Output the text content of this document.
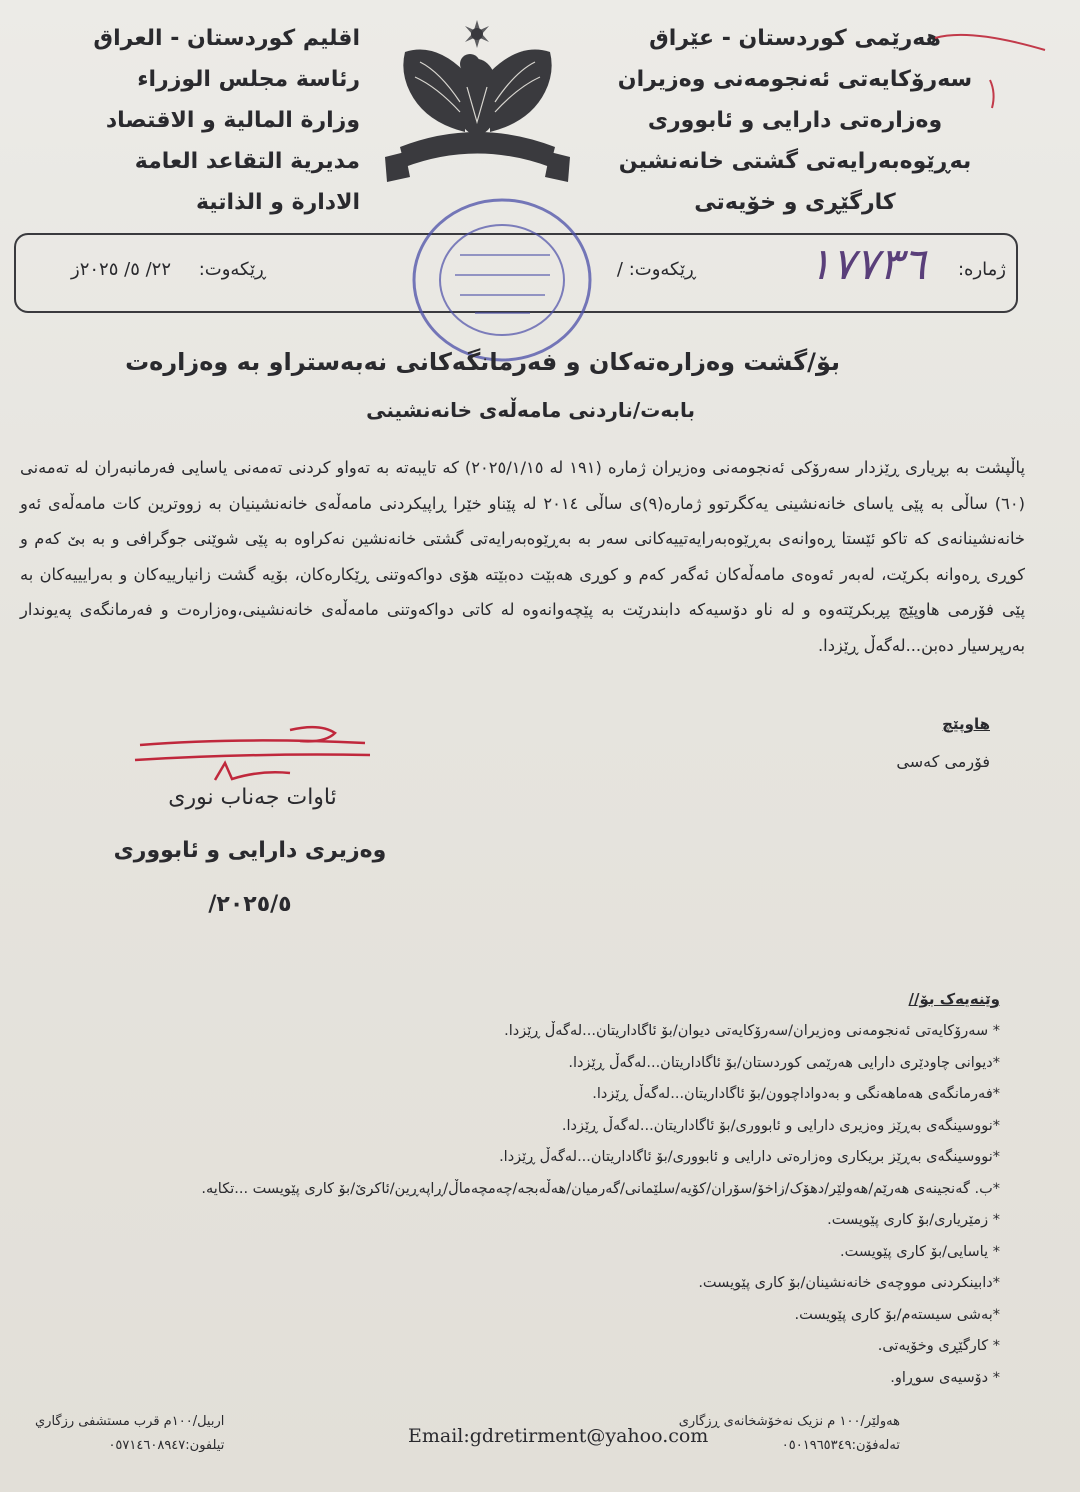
هەرێمی کوردستان - عێراق
سەرۆکایەتی ئەنجومەنی وەزیران
وەزارەتی دارایی و ئابووری
بەڕێوەبەرایەتی گشتی خانەنشین
کارگێڕی و خۆیەتی
اقليم كوردستان - العراق
رئاسة مجلس الوزراء
وزارة المالية و الاقتصاد
مديرية التقاعد العامة
الادارة و الذاتية
ژمارە:
١٧٧٣٦
ڕێکەوت: /
ڕێکەوت:
٢٢/ ٥/ ٢٠٢٥ز
بۆ/گشت وەزارەتەکان و فەرمانگەکانی نەبەستراو بە وەزارەت
بابەت/ناردنی مامەڵەی خانەنشینی
پاڵپشت بە بڕیاری ڕێزدار سەرۆکی ئەنجومەنی وەزیران ژمارە (١٩١ لە ٢٠٢٥/١/١٥) کە تایبەتە بە تەواو کردنی تەمەنی یاسایی فەرمانبەران لە تەمەنی (٦٠) ساڵی بە پێی یاسای خانەنشینی یەکگرتوو ژمارە(٩)ی ساڵی ٢٠١٤ لە پێناو خێرا ڕاپیکردنی مامەڵەی خانەنشینیان بە زووترین کات مامەڵەی ئەو خانەنشینانەی کە تاکو ئێستا ڕەوانەی بەڕێوەبەرایەتییەکانی سەر بە بەڕێوەبەرایەتی گشتی خانەنشین نەکراوە بە پێی شوێنی جوگرافی و بە بێ کەم و کوڕی ڕەوانە بکرێت، لەبەر ئەوەی مامەڵەکان ئەگەر کەم و کوڕی هەبێت دەبێتە هۆی دواکەوتنی ڕێکارەکان، بۆیە گشت زانیارییەکان و بەرایییەکان بە پێی فۆرمی هاوپێچ پڕبکرێتەوە و لە ناو دۆسیەکە دابندرێت بە پێچەوانەوە لە کاتی دواکەوتنی مامەڵەی خانەنشینی،وەزارەت و فەرمانگەی پەیوندار بەرپرسیار دەبن...لەگەڵ ڕێزدا.
هاوپێچ
فۆرمی کەسی
ئاوات جەناب نوری
وەزیری دارایی و ئابووری
٢٠٢٥/٥/
وێنەیەک بۆ//
* سەرۆکایەتی ئەنجومەنی وەزیران/سەرۆکایەتی دیوان/بۆ ئاگاداریتان...لەگەڵ ڕێزدا.
*دیوانی چاودێری دارایی هەرێمی کوردستان/بۆ ئاگاداریتان...لەگەڵ ڕێزدا.
*فەرمانگەی هەماهەنگی و بەدواداچوون/بۆ ئاگاداریتان...لەگەڵ ڕێزدا.
*نووسینگەی بەڕێز وەزیری دارایی و ئابووری/بۆ ئاگاداریتان...لەگەڵ ڕێزدا.
*نووسینگەی بەڕێز بریکاری وەزارەتی دارایی و ئابووری/بۆ ئاگاداریتان...لەگەڵ ڕێزدا.
*ب. گەنجینەی هەرێم/هەولێر/دهۆک/زاخۆ/سۆران/کۆیە/سلێمانی/گەرمیان/هەڵەبجە/چەمچەماڵ/ڕاپەڕین/ئاکرێ/بۆ کاری پێویست ...تکایە.
* زمێریاری/بۆ کاری پێویست.
* یاسایی/بۆ کاری پێویست.
*دابینکردنی مووچەی خانەنشینان/بۆ کاری پێویست.
*بەشی سیستەم/بۆ کاری پێویست.
* کارگێڕی وخۆیەتی.
* دۆسیەی سوڕاو.
هەولێر/١٠٠ م نزیک نەخۆشخانەی ڕزگاری
تەلەفۆن:٠٥٠١٩٦٥٣٤٩
Email:gdretirment@yahoo.com
اربيل/١٠٠م قرب مستشفى رزگاري
تيلفون:٠٥٧١٤٦٠٨٩٤٧
